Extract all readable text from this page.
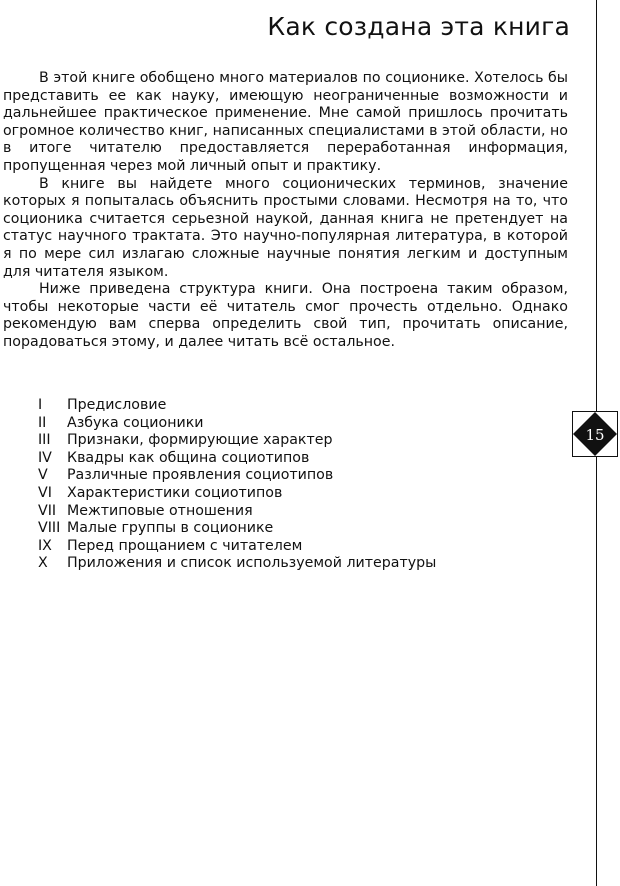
Как создана эта книга

В этой книге обобщено много материалов по соционике. Хотелось бы представить ее как науку, имеющую неограниченные возможности и дальнейшее практическое применение. Мне самой пришлось прочитать огромное количество книг, написанных специалистами в этой области, но в итоге читателю предоставляется переработанная информация, пропущенная через мой личный опыт и практику.

В книге вы найдете много соционических терминов, значение которых я попыталась объяснить простыми словами. Несмотря на то, что соционика считается серьезной наукой, данная книга не претендует на статус научного трактата. Это научно-популярная литература, в которой я по мере сил излагаю сложные научные понятия легким и доступным для читателя языком.

Ниже приведена структура книги. Она построена таким образом, чтобы некоторые части её читатель смог прочесть отдельно. Однако рекомендую вам сперва определить свой тип, прочитать описание, порадоваться этому, и далее читать всё остальное.

I	Предисловие
II	Азбука соционики
III	Признаки, формирующие характер
IV	Квадры как община социотипов
V	Различные проявления социотипов
VI	Характеристики социотипов
VII Межтиповые отношения
VIII Малые группы в соционике
IX	Перед прощанием с читателем
X	Приложения и список используемой литературы
15
